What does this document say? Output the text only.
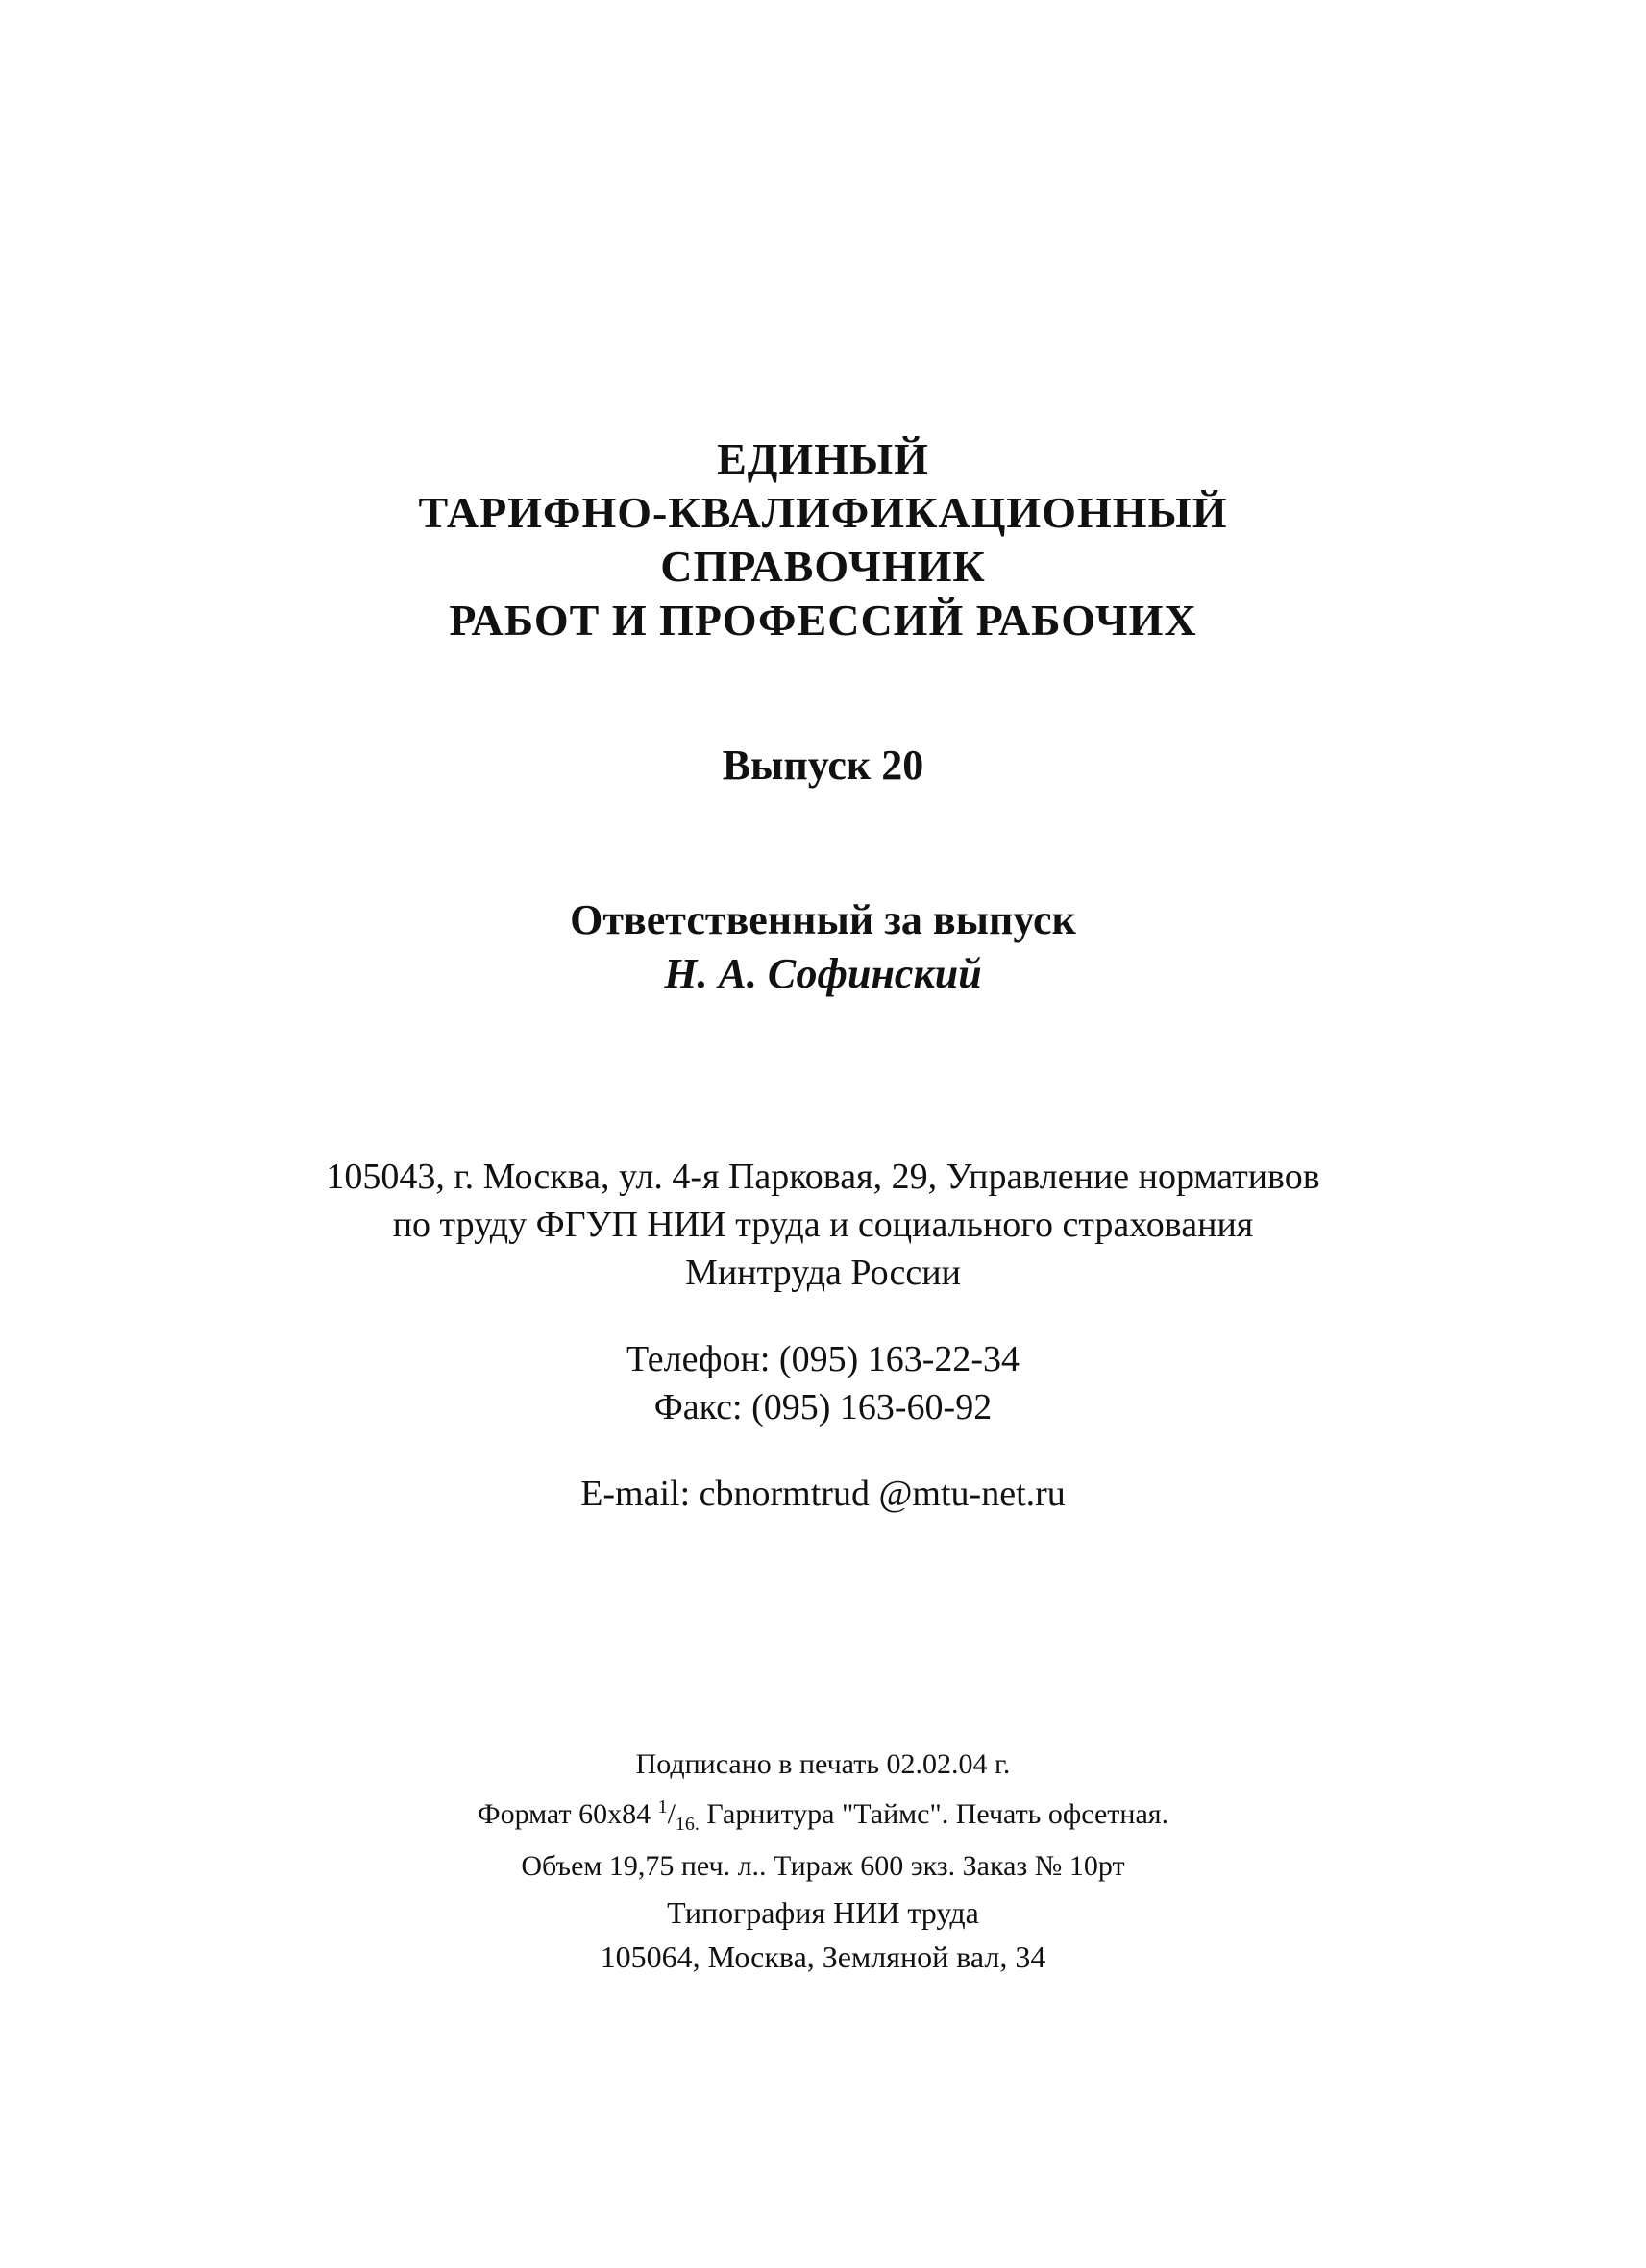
ЕДИНЫЙ
ТАРИФНО-КВАЛИФИКАЦИОННЫЙ
СПРАВОЧНИК
РАБОТ И ПРОФЕССИЙ РАБОЧИХ
Выпуск 20
Ответственный за выпуск
Н. А. Софинский
105043, г. Москва, ул. 4-я Парковая, 29, Управление нормативов
по труду ФГУП НИИ труда и социального страхования
Минтруда России
Телефон: (095) 163-22-34
Факс: (095) 163-60-92
E-mail: cbnormtrud @mtu-net.ru
Подписано в печать 02.02.04 г.
Формат 60x84 $^1/_{16.}$ Гарнитура "Таймс". Печать офсетная.
Объем 19,75 печ. л.. Тираж 600 экз. Заказ № 10рт
Типография НИИ труда
105064, Москва, Земляной вал, 34
